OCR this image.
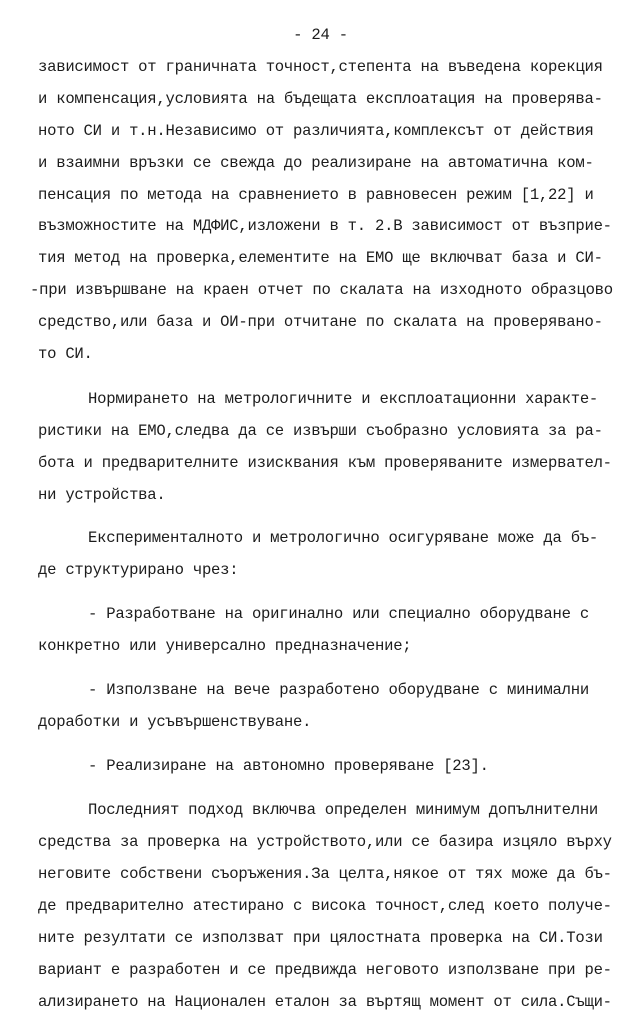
- 24 -
зависимост от граничната точност,степента на въведена корекция
и компенсация,условията на бъдещата експлоатация на проверява-
ното СИ и т.н.Независимо от различията,комплексът от действия
и взаимни връзки се свежда до реализиране на автоматична ком-
пенсация по метода на сравнението в равновесен режим [1,22] и
възможностите на МДФИС,изложени в т. 2.В зависимост от възприе-
тия метод на проверка,елементите на ЕМО ще включват база и СИ-
-при извършване на краен отчет по скалата на изходното образцово
средство,или база и ОИ-при отчитане по скалата на проверявано-
то СИ.
Нормирането на метрологичните и експлоатационни характе-
ристики на ЕМО,следва да се извърши съобразно условията за ра-
бота и предварителните изисквания към проверяваните измервател-
ни устройства.
Експерименталното и метрологично осигуряване може да бъ-
де структурирано чрез:
- Разработване на оригинално или специално оборудване с
конкретно или универсално предназначение;
- Използване на вече разработено оборудване с минимални
доработки и усъвършенствуване.
- Реализиране на автономно проверяване [23].
Последният подход включва определен минимум допълнителни
средства за проверка на устройството,или се базира изцяло върху
неговите собствени съоръжения.За целта,някое от тях може да бъ-
де предварително атестирано с висока точност,след което получе-
ните резултати се използват при цялостната проверка на СИ.Този
вариант е разработен и се предвижда неговото използване при ре-
ализирането на Национален еталон за въртящ момент от сила.Същи-
